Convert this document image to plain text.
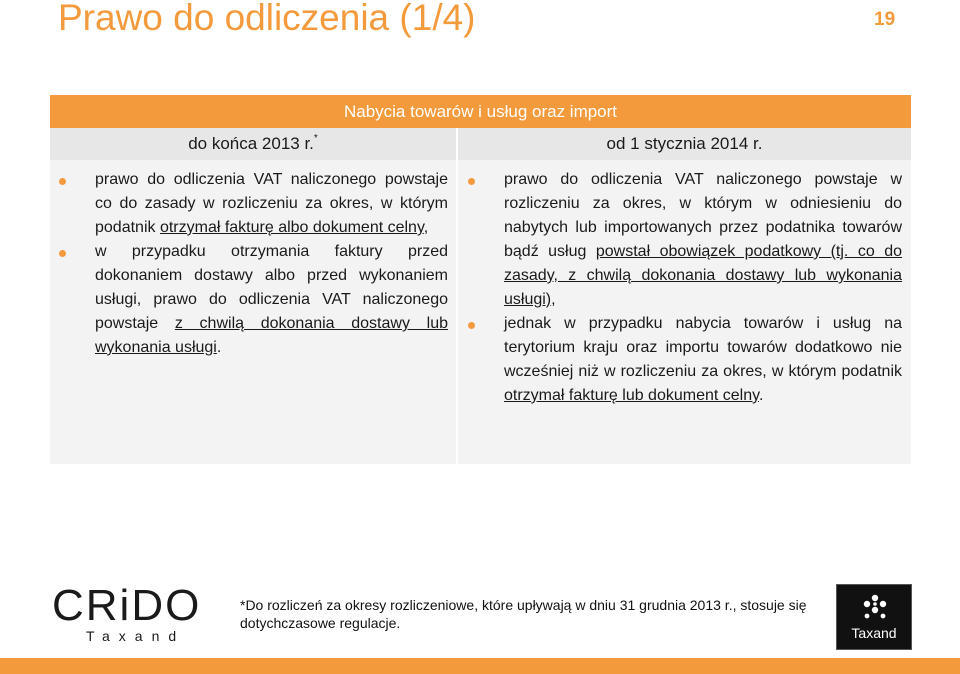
Prawo do odliczenia (1/4)	19
Nabycia towarów i usług oraz import
do końca 2013 r.*	od 1 stycznia 2014 r.
prawo do odliczenia VAT naliczonego powstaje co do zasady w rozliczeniu za okres, w którym podatnik otrzymał fakturę albo dokument celny,
w przypadku otrzymania faktury przed dokonaniem dostawy albo przed wykonaniem usługi, prawo do odliczenia VAT naliczonego powstaje z chwilą dokonania dostawy lub wykonania usługi.
prawo do odliczenia VAT naliczonego powstaje w rozliczeniu za okres, w którym w odniesieniu do nabytych lub importowanych przez podatnika towarów bądź usług powstał obowiązek podatkowy (tj. co do zasady, z chwilą dokonania dostawy lub wykonania usługi),
jednak w przypadku nabycia towarów i usług na terytorium kraju oraz importu towarów dodatkowo nie wcześniej niż w rozliczeniu za okres, w którym podatnik otrzymał fakturę lub dokument celny.
CRiDO
Taxand
*Do rozliczeń za okresy rozliczeniowe, które upływają w dniu 31 grudnia 2013 r., stosuje się dotychczasowe regulacje.
Taxand
